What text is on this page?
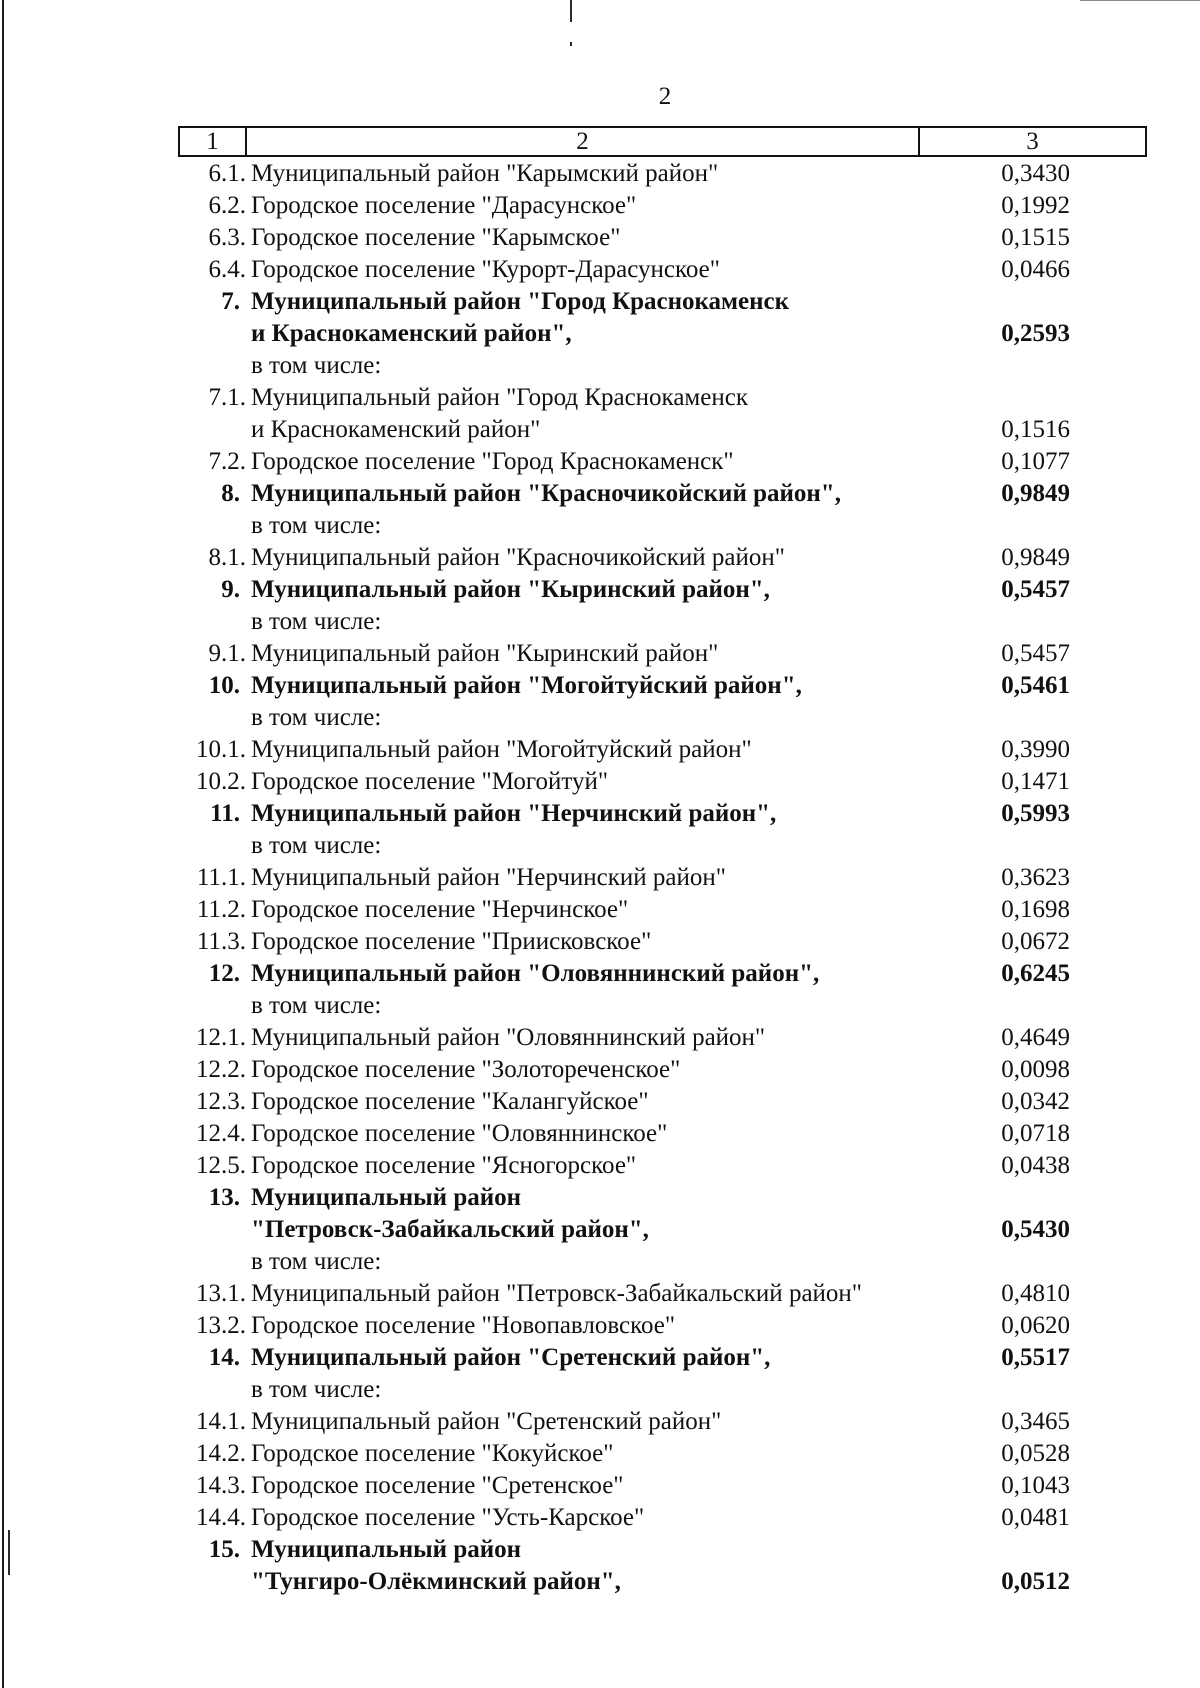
2
1	2	3
6.1. Муниципальный район "Карымский район"	0,3430
6.2. Городское поселение "Дарасунское"	0,1992
6.3. Городское поселение "Карымское"	0,1515
6.4. Городское поселение "Курорт-Дарасунское"	0,0466
7. Муниципальный район "Город Краснокаменск
и Краснокаменский район",	0,2593
в том числе:
7.1. Муниципальный район "Город Краснокаменск
и Краснокаменский район"	0,1516
7.2. Городское поселение "Город Краснокаменск"	0,1077
8. Муниципальный район "Красночикойский район",	0,9849
в том числе:
8.1. Муниципальный район "Красночикойский район"	0,9849
9. Муниципальный район "Кыринский район",	0,5457
в том числе:
9.1. Муниципальный район "Кыринский район"	0,5457
10. Муниципальный район "Могойтуйский район",	0,5461
в том числе:
10.1. Муниципальный район "Могойтуйский район"	0,3990
10.2. Городское поселение "Могойтуй"	0,1471
11. Муниципальный район "Нерчинский район",	0,5993
в том числе:
11.1. Муниципальный район "Нерчинский район"	0,3623
11.2. Городское поселение "Нерчинское"	0,1698
11.3. Городское поселение "Приисковское"	0,0672
12. Муниципальный район "Оловяннинский район",	0,6245
в том числе:
12.1. Муниципальный район "Оловяннинский район"	0,4649
12.2. Городское поселение "Золотореченское"	0,0098
12.3. Городское поселение "Калангуйское"	0,0342
12.4. Городское поселение "Оловяннинское"	0,0718
12.5. Городское поселение "Ясногорское"	0,0438
13. Муниципальный район
"Петровск-Забайкальский район",	0,5430
в том числе:
13.1. Муниципальный район "Петровск-Забайкальский район"	0,4810
13.2. Городское поселение "Новопавловское"	0,0620
14. Муниципальный район "Сретенский район",	0,5517
в том числе:
14.1. Муниципальный район "Сретенский район"	0,3465
14.2. Городское поселение "Кокуйское"	0,0528
14.3. Городское поселение "Сретенское"	0,1043
14.4. Городское поселение "Усть-Карское"	0,0481
15. Муниципальный район
"Тунгиро-Олёкминский район",	0,0512
